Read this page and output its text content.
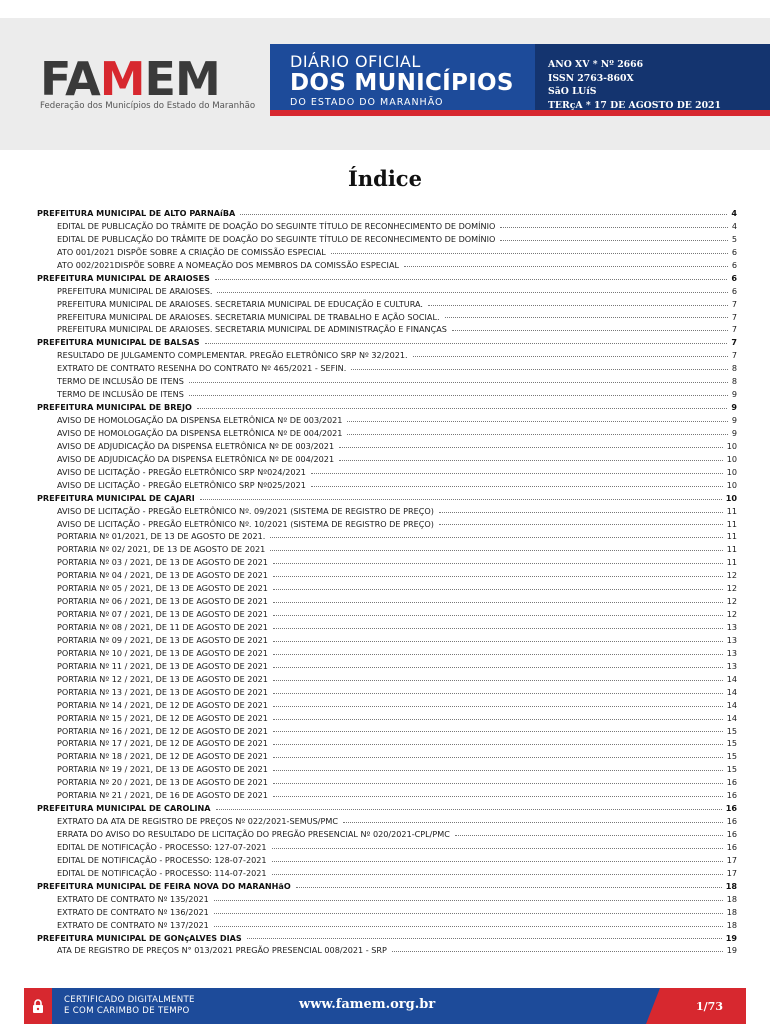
FAMEM
Federação dos Municípios do Estado do Maranhão
DIÁRIO OFICIAL
DOS MUNICÍPIOS
DO ESTADO DO MARANHÃO
ANO XV * Nº 2666
ISSN 2763-860X
SãO LUíS
TERçA * 17 DE AGOSTO DE 2021
Índice
PREFEITURA MUNICIPAL DE ALTO PARNAíBA	4
EDITAL DE PUBLICAÇÃO DO TRÂMITE DE DOAÇÃO DO SEGUINTE TÍTULO DE RECONHECIMENTO DE DOMÍNIO	4
EDITAL DE PUBLICAÇÃO DO TRÂMITE DE DOAÇÃO DO SEGUINTE TÍTULO DE RECONHECIMENTO DE DOMÍNIO	5
ATO 001/2021 DISPÕE SOBRE A CRIAÇÃO DE COMISSÃO ESPECIAL	6
ATO 002/2021DISPÕE SOBRE A NOMEAÇÃO DOS MEMBROS DA COMISSÃO ESPECIAL	6
PREFEITURA MUNICIPAL DE ARAIOSES	6
PREFEITURA MUNICIPAL DE ARAIOSES.	6
PREFEITURA MUNICIPAL DE ARAIOSES. SECRETARIA MUNICIPAL DE EDUCAÇÃO E CULTURA.	7
PREFEITURA MUNICIPAL DE ARAIOSES. SECRETARIA MUNICIPAL DE TRABALHO E AÇÃO SOCIAL.	7
PREFEITURA MUNICIPAL DE ARAIOSES. SECRETARIA MUNICIPAL DE ADMINISTRAÇÃO E FINANÇAS	7
PREFEITURA MUNICIPAL DE BALSAS	7
RESULTADO DE JULGAMENTO COMPLEMENTAR. PREGÃO ELETRÔNICO SRP Nº 32/2021.	7
EXTRATO DE CONTRATO RESENHA DO CONTRATO Nº 465/2021 - SEFIN.	8
TERMO DE INCLUSÃO DE ITENS	8
TERMO DE INCLUSÃO DE ITENS	9
PREFEITURA MUNICIPAL DE BREJO	9
AVISO DE HOMOLOGAÇÃO DA DISPENSA ELETRÔNICA Nº DE 003/2021	9
AVISO DE HOMOLOGAÇÃO DA DISPENSA ELETRÔNICA Nº DE 004/2021	9
AVISO DE ADJUDICAÇÃO DA DISPENSA ELETRÔNICA Nº DE 003/2021	10
AVISO DE ADJUDICAÇÃO DA DISPENSA ELETRÔNICA Nº DE 004/2021	10
AVISO DE LICITAÇÃO - PREGÃO ELETRÔNICO SRP Nº024/2021	10
AVISO DE LICITAÇÃO - PREGÃO ELETRÔNICO SRP Nº025/2021	10
PREFEITURA MUNICIPAL DE CAJARI	10
AVISO DE LICITAÇÃO - PREGÃO ELETRÔNICO Nº. 09/2021 (SISTEMA DE REGISTRO DE PREÇO)	11
AVISO DE LICITAÇÃO - PREGÃO ELETRÔNICO Nº. 10/2021 (SISTEMA DE REGISTRO DE PREÇO)	11
PORTARIA Nº 01/2021, DE 13 DE AGOSTO DE 2021.	11
PORTARIA Nº 02/ 2021, DE 13 DE AGOSTO DE 2021	11
PORTARIA Nº 03 / 2021, DE 13 DE AGOSTO DE 2021	11
PORTARIA Nº 04 / 2021, DE 13 DE AGOSTO DE 2021	12
PORTARIA Nº 05 / 2021, DE 13 DE AGOSTO DE 2021	12
PORTARIA Nº 06 / 2021, DE 13 DE AGOSTO DE 2021	12
PORTARIA Nº 07 / 2021, DE 13 DE AGOSTO DE 2021	12
PORTARIA Nº 08 / 2021, DE 11 DE AGOSTO DE 2021	13
PORTARIA Nº 09 / 2021, DE 13 DE AGOSTO DE 2021	13
PORTARIA Nº 10 / 2021, DE 13 DE AGOSTO DE 2021	13
PORTARIA Nº 11 / 2021, DE 13 DE AGOSTO DE 2021	13
PORTARIA Nº 12 / 2021, DE 13 DE AGOSTO DE 2021	14
PORTARIA Nº 13 / 2021, DE 13 DE AGOSTO DE 2021	14
PORTARIA Nº 14 / 2021, DE 12 DE AGOSTO DE 2021	14
PORTARIA Nº 15 / 2021, DE 12 DE AGOSTO DE 2021	14
PORTARIA Nº 16 / 2021, DE 12 DE AGOSTO DE 2021	15
PORTARIA Nº 17 / 2021, DE 12 DE AGOSTO DE 2021	15
PORTARIA Nº 18 / 2021, DE 12 DE AGOSTO DE 2021	15
PORTARIA Nº 19 / 2021, DE 13 DE AGOSTO DE 2021	15
PORTARIA Nº 20 / 2021, DE 13 DE AGOSTO DE 2021	16
PORTARIA Nº 21 / 2021, DE 16 DE AGOSTO DE 2021	16
PREFEITURA MUNICIPAL DE CAROLINA	16
EXTRATO DA ATA DE REGISTRO DE PREÇOS Nº 022/2021-SEMUS/PMC	16
ERRATA DO AVISO DO RESULTADO DE LICITAÇÃO DO PREGÃO PRESENCIAL Nº 020/2021-CPL/PMC	16
EDITAL DE NOTIFICAÇÃO - PROCESSO: 127-07-2021	16
EDITAL DE NOTIFICAÇÃO - PROCESSO: 128-07-2021	17
EDITAL DE NOTIFICAÇÃO - PROCESSO: 114-07-2021	17
PREFEITURA MUNICIPAL DE FEIRA NOVA DO MARANHãO	18
EXTRATO DE CONTRATO Nº 135/2021	18
EXTRATO DE CONTRATO Nº 136/2021	18
EXTRATO DE CONTRATO Nº 137/2021	18
PREFEITURA MUNICIPAL DE GONçALVES DIAS	19
ATA DE REGISTRO DE PREÇOS N° 013/2021 PREGÃO PRESENCIAL 008/2021 - SRP	19
CERTIFICADO DIGITALMENTE
E COM CARIMBO DE TEMPO	www.famem.org.br	1/73
